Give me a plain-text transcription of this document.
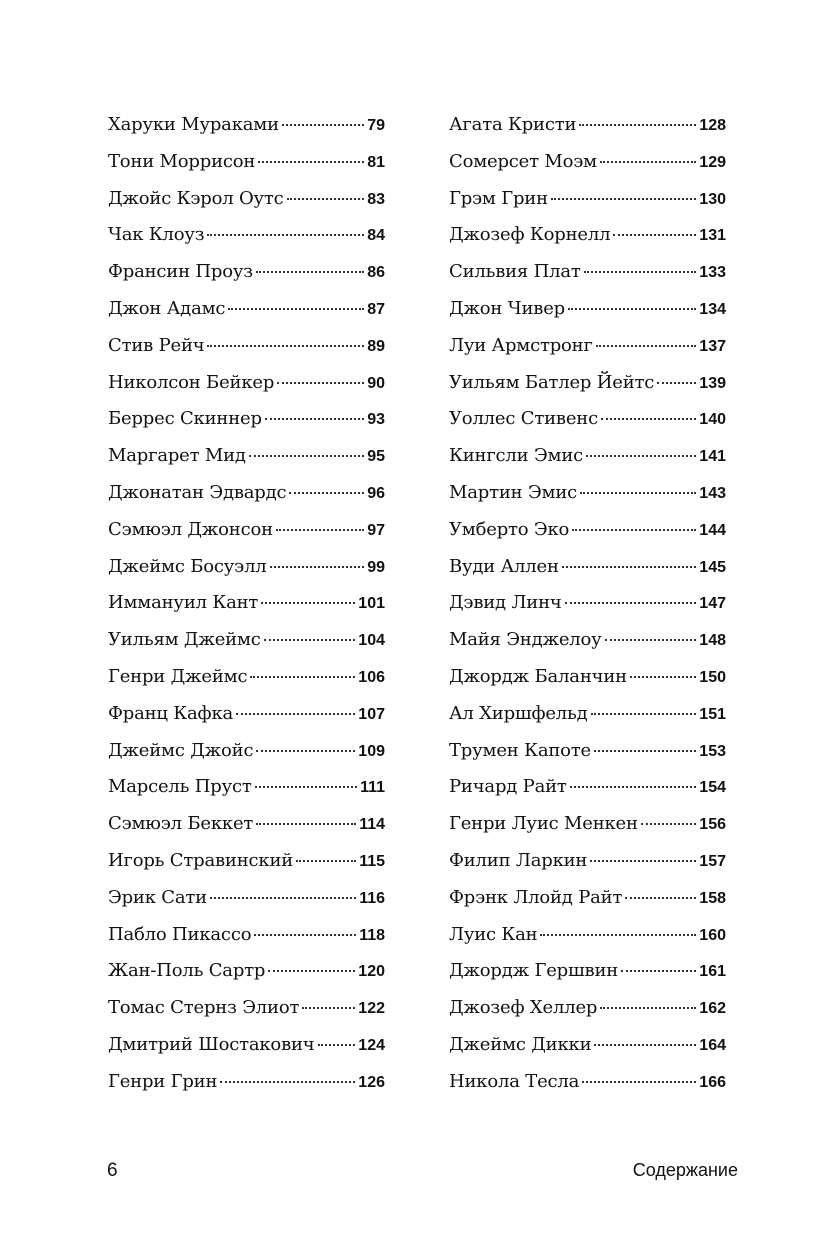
Харуки Мураками	79
Тони Моррисон	81
Джойс Кэрол Оутс	83
Чак Клоуз	84
Франсин Проуз	86
Джон Адамс	87
Стив Рейч	89
Николсон Бейкер	90
Беррес Скиннер	93
Маргарет Мид	95
Джонатан Эдвардс	96
Сэмюэл Джонсон	97
Джеймс Босуэлл	99
Иммануил Кант	101
Уильям Джеймс	104
Генри Джеймс	106
Франц Кафка	107
Джеймс Джойс	109
Марсель Пруст	111
Сэмюэл Беккет	114
Игорь Стравинский	115
Эрик Сати	116
Пабло Пикассо	118
Жан-Поль Сартр	120
Томас Стернз Элиот	122
Дмитрий Шостакович	124
Генри Грин	126
Агата Кристи	128
Сомерсет Моэм	129
Грэм Грин	130
Джозеф Корнелл	131
Сильвия Плат	133
Джон Чивер	134
Луи Армстронг	137
Уильям Батлер Йейтс	139
Уоллес Стивенс	140
Кингсли Эмис	141
Мартин Эмис	143
Умберто Эко	144
Вуди Аллен	145
Дэвид Линч	147
Майя Энджелоу	148
Джордж Баланчин	150
Ал Хиршфельд	151
Трумен Капоте	153
Ричард Райт	154
Генри Луис Менкен	156
Филип Ларкин	157
Фрэнк Ллойд Райт	158
Луис Кан	160
Джордж Гершвин	161
Джозеф Хеллер	162
Джеймс Дикки	164
Никола Тесла	166
6	Содержание
